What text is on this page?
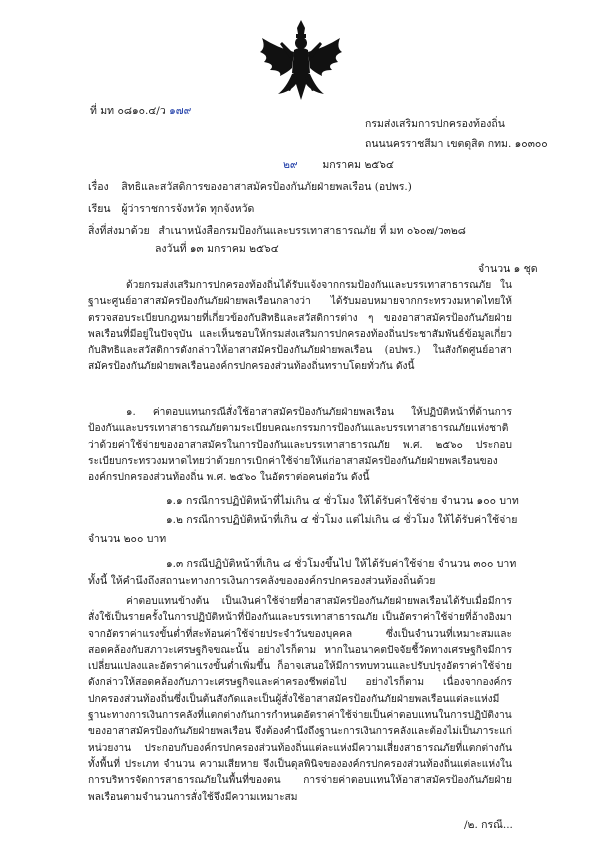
ที่ มท ๐๘๑๐.๔/ว ๑๗๙
กรมส่งเสริมการปกครองท้องถิ่น
ถนนนครราชสีมา เขตดุสิต กทม. ๑๐๓๐๐
๒๙ มกราคม ๒๕๖๔
เรื่อง สิทธิและสวัสดิการของอาสาสมัครป้องกันภัยฝ่ายพลเรือน (อปพร.)
เรียน ผู้ว่าราชการจังหวัด ทุกจังหวัด
สิ่งที่ส่งมาด้วย สำเนาหนังสือกรมป้องกันและบรรเทาสาธารณภัย ที่ มท ๐๖๐๗/ว๓๒๘
ลงวันที่ ๑๓ มกราคม ๒๕๖๔
จำนวน ๑ ชุด

ด้วยกรมส่งเสริมการปกครองท้องถิ่นได้รับแจ้งจากกรมป้องกันและบรรเทาสาธารณภัย ในฐานะศูนย์อาสาสมัครป้องกันภัยฝ่ายพลเรือนกลางว่า ได้รับมอบหมายจากกระทรวงมหาดไทยให้ตรวจสอบระเบียบกฎหมายที่เกี่ยวข้องกับสิทธิและสวัสดิการต่าง ๆ ของอาสาสมัครป้องกันภัยฝ่ายพลเรือนที่มีอยู่ในปัจจุบัน และเห็นชอบให้กรมส่งเสริมการปกครองท้องถิ่นประชาสัมพันธ์ข้อมูลเกี่ยวกับสิทธิและสวัสดิการดังกล่าวให้อาสาสมัครป้องกันภัยฝ่ายพลเรือน (อปพร.) ในสังกัดศูนย์อาสาสมัครป้องกันภัยฝ่ายพลเรือนองค์กรปกครองส่วนท้องถิ่นทราบโดยทั่วกัน ดังนี้

๑. ค่าตอบแทนกรณีสั่งใช้อาสาสมัครป้องกันภัยฝ่ายพลเรือน ให้ปฏิบัติหน้าที่ด้านการป้องกันและบรรเทาสาธารณภัยตามระเบียบคณะกรรมการป้องกันและบรรเทาสาธารณภัยแห่งชาติ ว่าด้วยค่าใช้จ่ายของอาสาสมัครในการป้องกันและบรรเทาสาธารณภัย พ.ศ. ๒๕๖๐ ประกอบระเบียบกระทรวงมหาดไทยว่าด้วยการเบิกค่าใช้จ่ายให้แก่อาสาสมัครป้องกันภัยฝ่ายพลเรือนขององค์กรปกครองส่วนท้องถิ่น พ.ศ. ๒๕๖๐ ในอัตราต่อคนต่อวัน ดังนี้

๑.๑ กรณีการปฏิบัติหน้าที่ไม่เกิน ๔ ชั่วโมง ให้ได้รับค่าใช้จ่าย จำนวน ๑๐๐ บาท
๑.๒ กรณีการปฏิบัติหน้าที่เกิน ๔ ชั่วโมง แต่ไม่เกิน ๘ ชั่วโมง ให้ได้รับค่าใช้จ่าย
จำนวน ๒๐๐ บาท
๑.๓ กรณีปฏิบัติหน้าที่เกิน ๘ ชั่วโมงขึ้นไป ให้ได้รับค่าใช้จ่าย จำนวน ๓๐๐ บาท
ทั้งนี้ ให้คำนึงถึงสถานะทางการเงินการคลังขององค์กรปกครองส่วนท้องถิ่นด้วย

ค่าตอบแทนข้างต้น เป็นเงินค่าใช้จ่ายที่อาสาสมัครป้องกันภัยฝ่ายพลเรือนได้รับเมื่อมีการสั่งใช้เป็นรายครั้งในการปฏิบัติหน้าที่ป้องกันและบรรเทาสาธารณภัย เป็นอัตราค่าใช้จ่ายที่อ้างอิงมาจากอัตราค่าแรงขั้นต่ำที่สะท้อนค่าใช้จ่ายประจำวันของบุคคล ซึ่งเป็นจำนวนที่เหมาะสมและสอดคล้องกับสภาวะเศรษฐกิจขณะนั้น อย่างไรก็ตาม หากในอนาคตปัจจัยชี้วัดทางเศรษฐกิจมีการเปลี่ยนแปลงและอัตราค่าแรงขั้นต่ำเพิ่มขึ้น ก็อาจเสนอให้มีการทบทวนและปรับปรุงอัตราค่าใช้จ่ายดังกล่าวให้สอดคล้องกับภาวะเศรษฐกิจและค่าครองชีพต่อไป อย่างไรก็ตาม เนื่องจากองค์กรปกครองส่วนท้องถิ่นซึ่งเป็นต้นสังกัดและเป็นผู้สั่งใช้อาสาสมัครป้องกันภัยฝ่ายพลเรือนแต่ละแห่งมีฐานะทางการเงินการคลังที่แตกต่างกันการกำหนดอัตราค่าใช้จ่ายเป็นค่าตอบแทนในการปฏิบัติงานของอาสาสมัครป้องกันภัยฝ่ายพลเรือน จึงต้องคำนึงถึงฐานะการเงินการคลังและต้องไม่เป็นภาระแก่หน่วยงาน ประกอบกับองค์กรปกครองส่วนท้องถิ่นแต่ละแห่งมีความเสี่ยงสาธารณภัยที่แตกต่างกัน ทั้งพื้นที่ ประเภท จำนวน ความเสียหาย จึงเป็นดุลพินิจขององค์กรปกครองส่วนท้องถิ่นแต่ละแห่งในการบริหารจัดการสาธารณภัยในพื้นที่ของตน การจ่ายค่าตอบแทนให้อาสาสมัครป้องกันภัยฝ่ายพลเรือนตามจำนวนการสั่งใช้จึงมีความเหมาะสม

/๒. กรณี...
